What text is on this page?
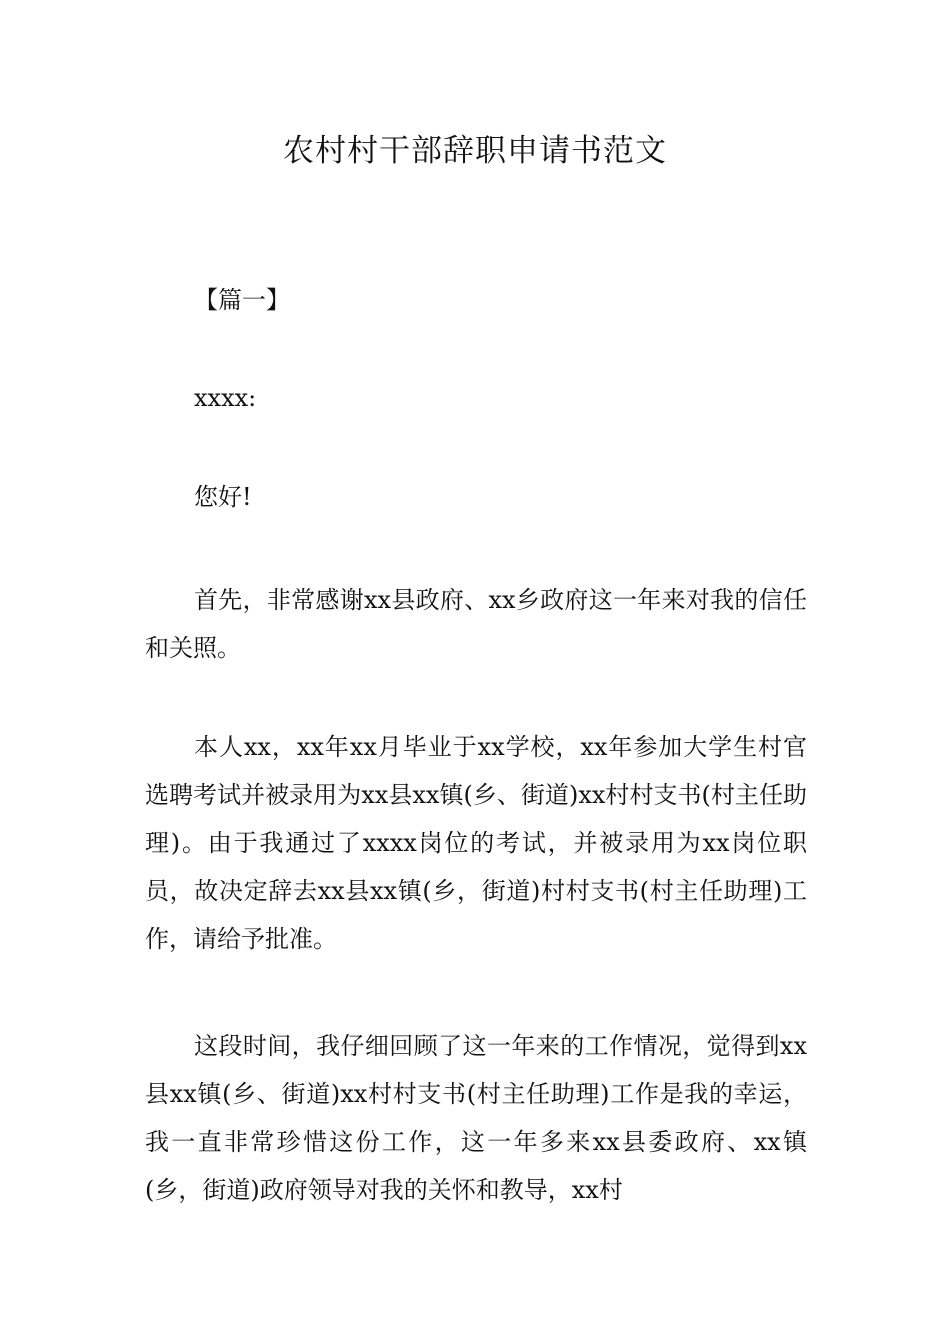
农村村干部辞职申请书范文

【篇一】

xxxx:

您好!

首先，非常感谢xx县政府、xx乡政府这一年来对我的信任和关照。

本人xx，xx年xx月毕业于xx学校，xx年参加大学生村官选聘考试并被录用为xx县xx镇(乡、街道)xx村村支书(村主任助理)。由于我通过了xxxx岗位的考试，并被录用为xx岗位职员，故决定辞去xx县xx镇(乡，街道)村村支书(村主任助理)工作，请给予批准。

这段时间，我仔细回顾了这一年来的工作情况，觉得到xx县xx镇(乡、街道)xx村村支书(村主任助理)工作是我的幸运，我一直非常珍惜这份工作，这一年多来xx县委政府、xx镇(乡，街道)政府领导对我的关怀和教导，xx村
